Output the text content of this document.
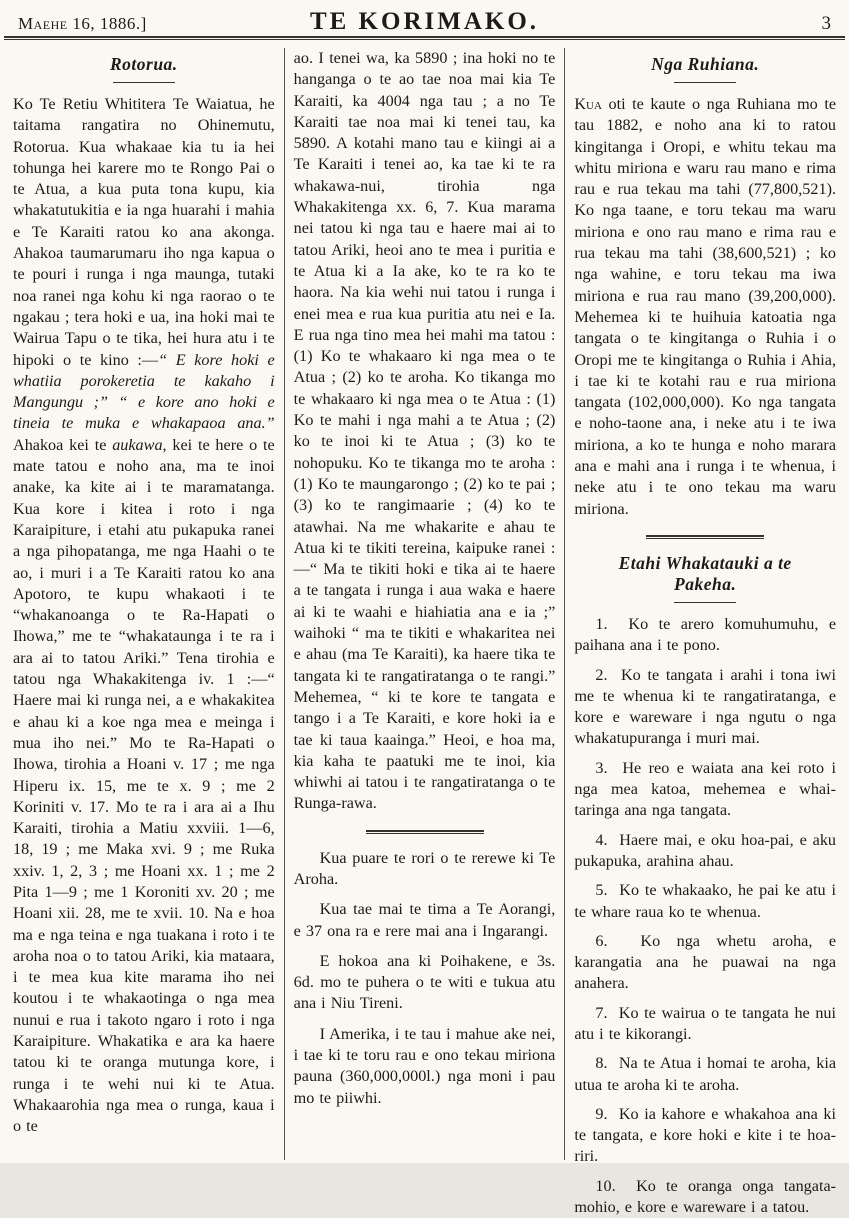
Maehe 16, 1886.]	TE KORIMAKO.	3
Rotorua.

Ko Te Retiu Whititera Te Waiatua, he taitama rangatira no Ohinemutu, Rotorua. Kua whakaae kia tu ia hei tohunga hei karere mo te Rongo Pai o te Atua, a kua puta tona kupu, kia whakatutukitia e ia nga huarahi i mahia e Te Karaiti ratou ko ana akonga. Ahakoa taumarumaru iho nga kapua o te pouri i runga i nga maunga, tutaki noa ranei nga kohu ki nga raorao o te ngakau ; tera hoki e ua, ina hoki mai te Wairua Tapu o te tika, hei hura atu i te hipoki o te kino :—“ E kore hoki e whatiia porokeretia te kakaho i Mangungu ;” “ e kore ano hoki e tineia te muka e whakapaoa ana.” Ahakoa kei te aukawa, kei te here o te mate tatou e noho ana, ma te inoi anake, ka kite ai i te maramatanga. Kua kore i kitea i roto i nga Karaipiture, i etahi atu pukapuka ranei a nga pihopatanga, me nga Haahi o te ao, i muri i a Te Karaiti ratou ko ana Apotoro, te kupu whakaoti i te “whakanoanga o te Ra-Hapati o Ihowa,” me te “whakataunga i te ra i ara ai to tatou Ariki.” Tena tirohia e tatou nga Whakakitenga iv. 1 :—“ Haere mai ki runga nei, a e whakakitea e ahau ki a koe nga mea e meinga i mua iho nei.” Mo te Ra-Hapati o Ihowa, tirohia a Hoani v. 17 ; me nga Hiperu ix. 15, me te x. 9 ; me 2 Koriniti v. 17. Mo te ra i ara ai a Ihu Karaiti, tirohia a Matiu xxviii. 1—6, 18, 19 ; me Maka xvi. 9 ; me Ruka xxiv. 1, 2, 3 ; me Hoani xx. 1 ; me 2 Pita 1—9 ; me 1 Koroniti xv. 20 ; me Hoani xii. 28, me te xvii. 10. Na e hoa ma e nga teina e nga tuakana i roto i te aroha noa o to tatou Ariki, kia mataara, i te mea kua kite marama iho nei koutou i te whakaotinga o nga mea nunui e rua i takoto ngaro i roto i nga Karaipiture. Whakatika e ara ka haere tatou ki te oranga mutunga kore, i runga i te wehi nui ki te Atua. Whakaarohia nga mea o runga, kaua i o te

ao. I tenei wa, ka 5890 ; ina hoki no te hanganga o te ao tae noa mai kia Te Karaiti, ka 4004 nga tau ; a no Te Karaiti tae noa mai ki tenei tau, ka 5890. A kotahi mano tau e kiingi ai a Te Karaiti i tenei ao, ka tae ki te ra whakawa-nui, tirohia nga Whakakitenga xx. 6, 7. Kua marama nei tatou ki nga tau e haere mai ai to tatou Ariki, heoi ano te mea i puritia e te Atua ki a Ia ake, ko te ra ko te haora. Na kia wehi nui tatou i runga i enei mea e rua kua puritia atu nei e Ia. E rua nga tino mea hei mahi ma tatou : (1) Ko te whakaaro ki nga mea o te Atua ; (2) ko te aroha. Ko tikanga mo te whakaaro ki nga mea o te Atua : (1) Ko te mahi i nga mahi a te Atua ; (2) ko te inoi ki te Atua ; (3) ko te nohopuku. Ko te tikanga mo te aroha : (1) Ko te maungarongo ; (2) ko te pai ; (3) ko te rangimaarie ; (4) ko te atawhai. Na me whakarite e ahau te Atua ki te tikiti tereina, kaipuke ranei :—“ Ma te tikiti hoki e tika ai te haere a te tangata i runga i aua waka e haere ai ki te waahi e hiahiatia ana e ia ;” waihoki “ ma te tikiti e whakaritea nei e ahau (ma Te Karaiti), ka haere tika te tangata ki te rangatiratanga o te rangi.” Mehemea, “ ki te kore te tangata e tango i a Te Karaiti, e kore hoki ia e tae ki taua kaainga.” Heoi, e hoa ma, kia kaha te paatuki me te inoi, kia whiwhi ai tatou i te rangatiratanga o te Runga-rawa.

Kua puare te rori o te rerewe ki Te Aroha.

Kua tae mai te tima a Te Aorangi, e 37 ona ra e rere mai ana i Ingarangi.

E hokoa ana ki Poihakene, e 3s. 6d. mo te puhera o te witi e tukua atu ana i Niu Tireni.

I Amerika, i te tau i mahue ake nei, i tae ki te toru rau e ono tekau miriona pauna (360,000,000l.) nga moni i pau mo te piiwhi.

Nga Ruhiana.

Kua oti te kaute o nga Ruhiana mo te tau 1882, e noho ana ki to ratou kingitanga i Oropi, e whitu tekau ma whitu miriona e waru rau mano e rima rau e rua tekau ma tahi (77,800,521). Ko nga taane, e toru tekau ma waru miriona e ono rau mano e rima rau e rua tekau ma tahi (38,600,521) ; ko nga wahine, e toru tekau ma iwa miriona e rua rau mano (39,200,000). Mehemea ki te huihuia katoatia nga tangata o te kingitanga o Ruhia i o Oropi me te kingitanga o Ruhia i Ahia, i tae ki te kotahi rau e rua miriona tangata (102,000,000). Ko nga tangata e noho-taone ana, i neke atu i te iwa miriona, a ko te hunga e noho marara ana e mahi ana i runga i te whenua, i neke atu i te ono tekau ma waru miriona.

Etahi Whakatauki a te Pakeha.

1. Ko te arero komuhumuhu, e paihana ana i te pono.

2. Ko te tangata i arahi i tona iwi me te whenua ki te rangatiratanga, e kore e wareware i nga ngutu o nga whakatupuranga i muri mai.

3. He reo e waiata ana kei roto i nga mea katoa, mehemea e whai-taringa ana nga tangata.

4. Haere mai, e oku hoa-pai, e aku pukapuka, arahina ahau.

5. Ko te whakaako, he pai ke atu i te whare raua ko te whenua.

6. Ko nga whetu aroha, e karangatia ana he puawai na nga anahera.

7. Ko te wairua o te tangata he nui atu i te kikorangi.

8. Na te Atua i homai te aroha, kia utua te aroha ki te aroha.

9. Ko ia kahore e whakahoa ana ki te tangata, e kore hoki e kite i te hoa-riri.

10. Ko te oranga onga tangata-mohio, e kore e wareware i a tatou.
